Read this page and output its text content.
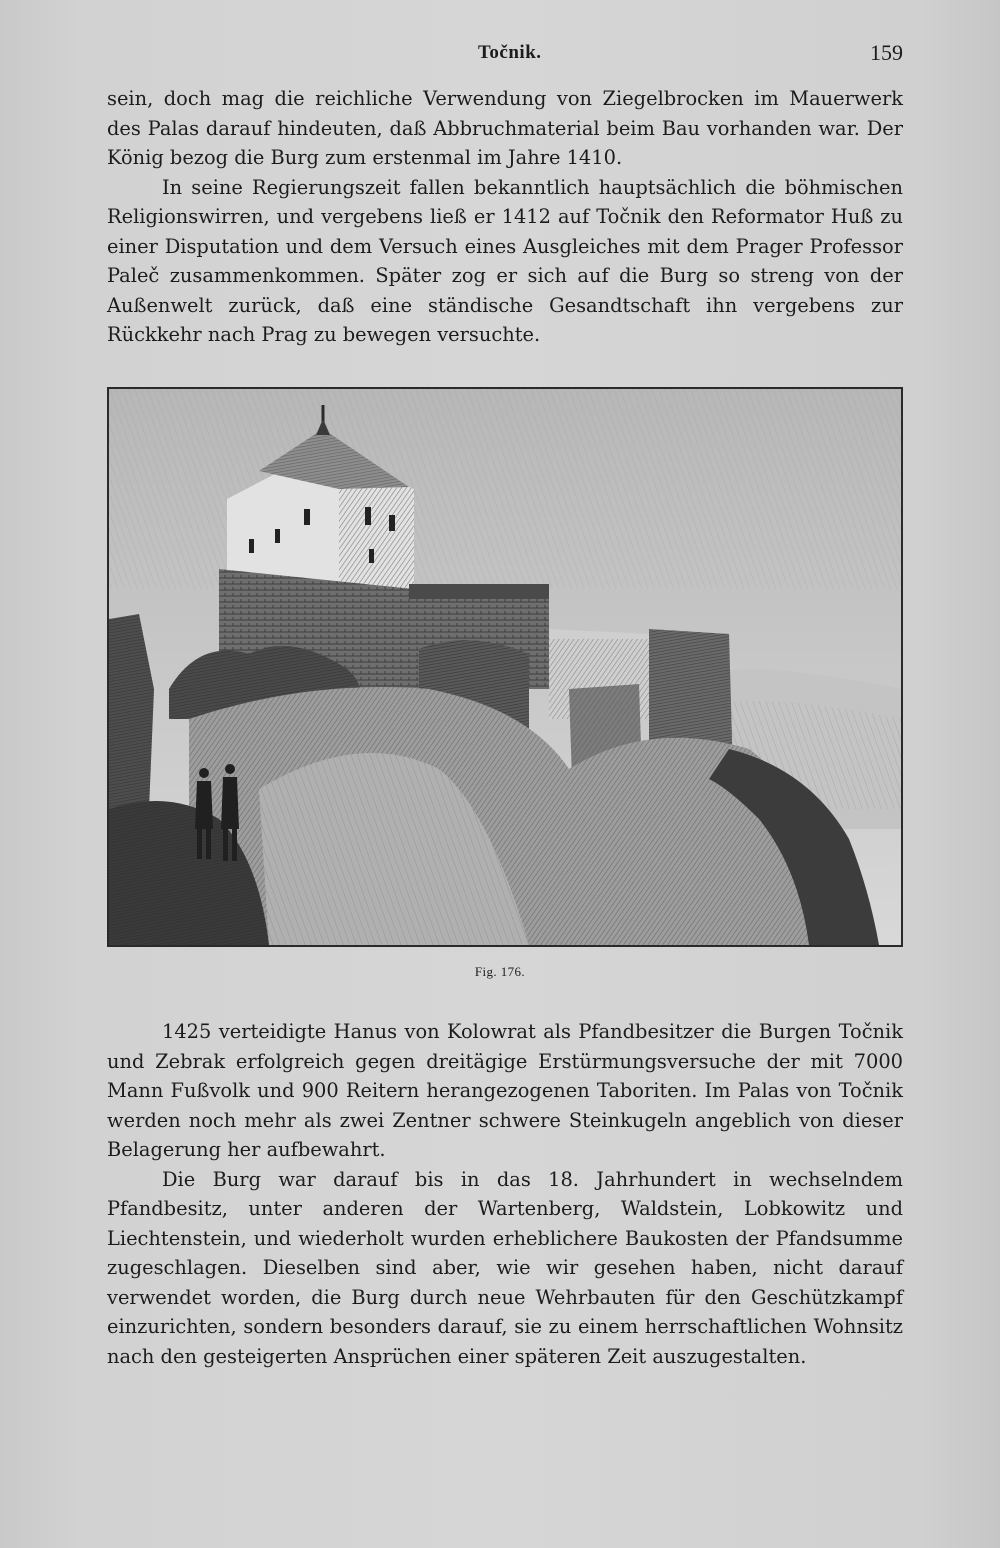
Točnik.	159

sein, doch mag die reichliche Verwendung von Ziegelbrocken im Mauerwerk des Palas darauf hindeuten, daß Abbruchmaterial beim Bau vorhanden war. Der König bezog die Burg zum erstenmal im Jahre 1410.

In seine Regierungszeit fallen bekanntlich hauptsächlich die böhmischen Religionswirren, und vergebens ließ er 1412 auf Točnik den Reformator Huß zu einer Disputation und dem Versuch eines Ausgleiches mit dem Prager Professor Paleč zusammenkommen. Später zog er sich auf die Burg so streng von der Außenwelt zurück, daß eine ständische Gesandtschaft ihn vergebens zur Rückkehr nach Prag zu bewegen versuchte.

Fig. 176.

1425 verteidigte Hanus von Kolowrat als Pfandbesitzer die Burgen Točnik und Zebrak erfolgreich gegen dreitägige Erstürmungsversuche der mit 7000 Mann Fußvolk und 900 Reitern herangezogenen Taboriten. Im Palas von Točnik werden noch mehr als zwei Zentner schwere Steinkugeln angeblich von dieser Belagerung her aufbewahrt.

Die Burg war darauf bis in das 18. Jahrhundert in wechselndem Pfandbesitz, unter anderen der Wartenberg, Waldstein, Lobkowitz und Liechtenstein, und wiederholt wurden erheblichere Baukosten der Pfandsumme zugeschlagen. Dieselben sind aber, wie wir gesehen haben, nicht darauf verwendet worden, die Burg durch neue Wehrbauten für den Geschützkampf einzurichten, sondern besonders darauf, sie zu einem herrschaftlichen Wohnsitz nach den gesteigerten Ansprüchen einer späteren Zeit auszugestalten.
